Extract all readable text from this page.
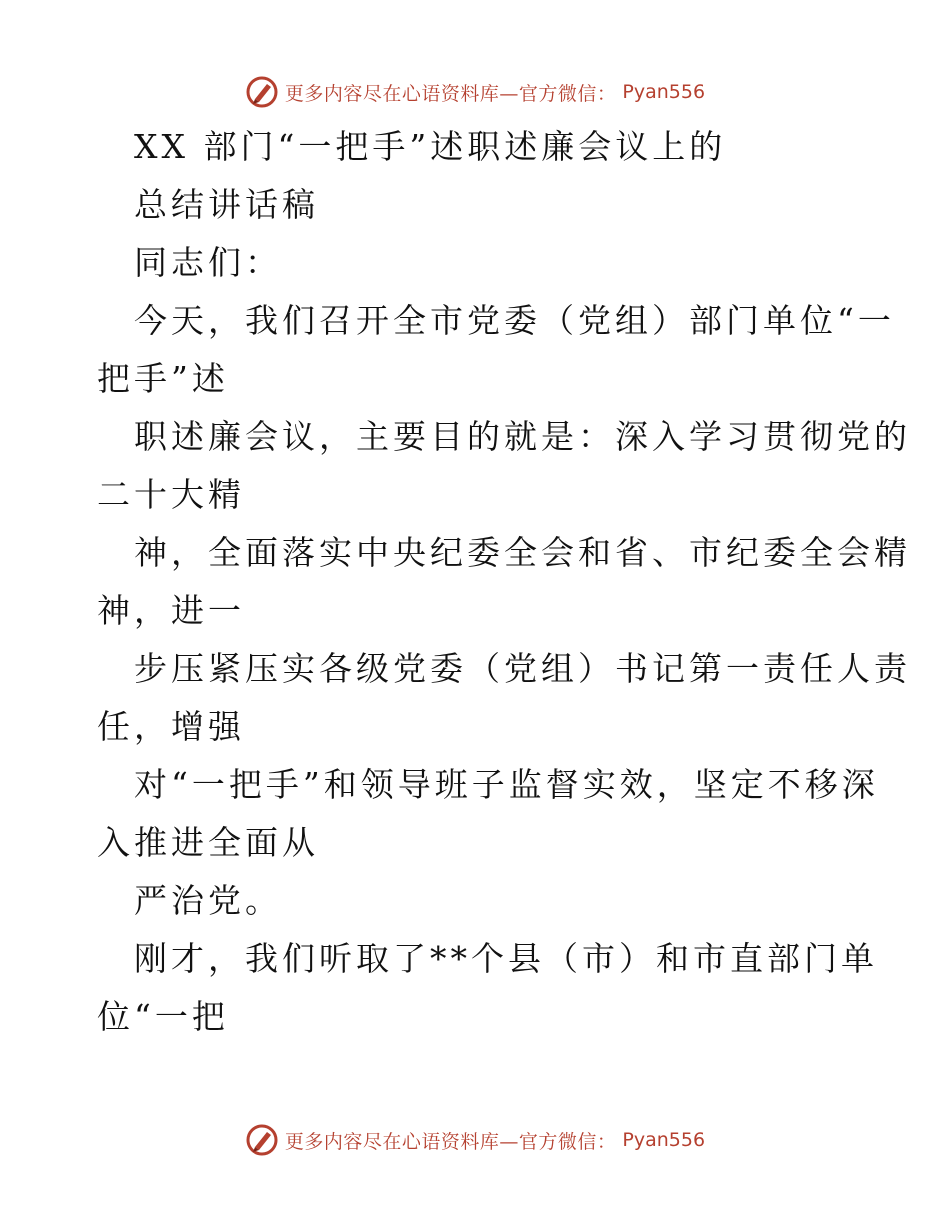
更多内容尽在心语资料库—官方微信： Pyan556
XX 部门“一把手”述职述廉会议上的
总结讲话稿
同志们：
今天，我们召开全市党委（党组）部门单位“一
把手”述
职述廉会议，主要目的就是：深入学习贯彻党的
二十大精
神，全面落实中央纪委全会和省、市纪委全会精
神，进一
步压紧压实各级党委（党组）书记第一责任人责
任，增强
对“一把手”和领导班子监督实效，坚定不移深
入推进全面从
严治党。
刚才，我们听取了**个县（市）和市直部门单
位“一把
更多内容尽在心语资料库—官方微信： Pyan556
